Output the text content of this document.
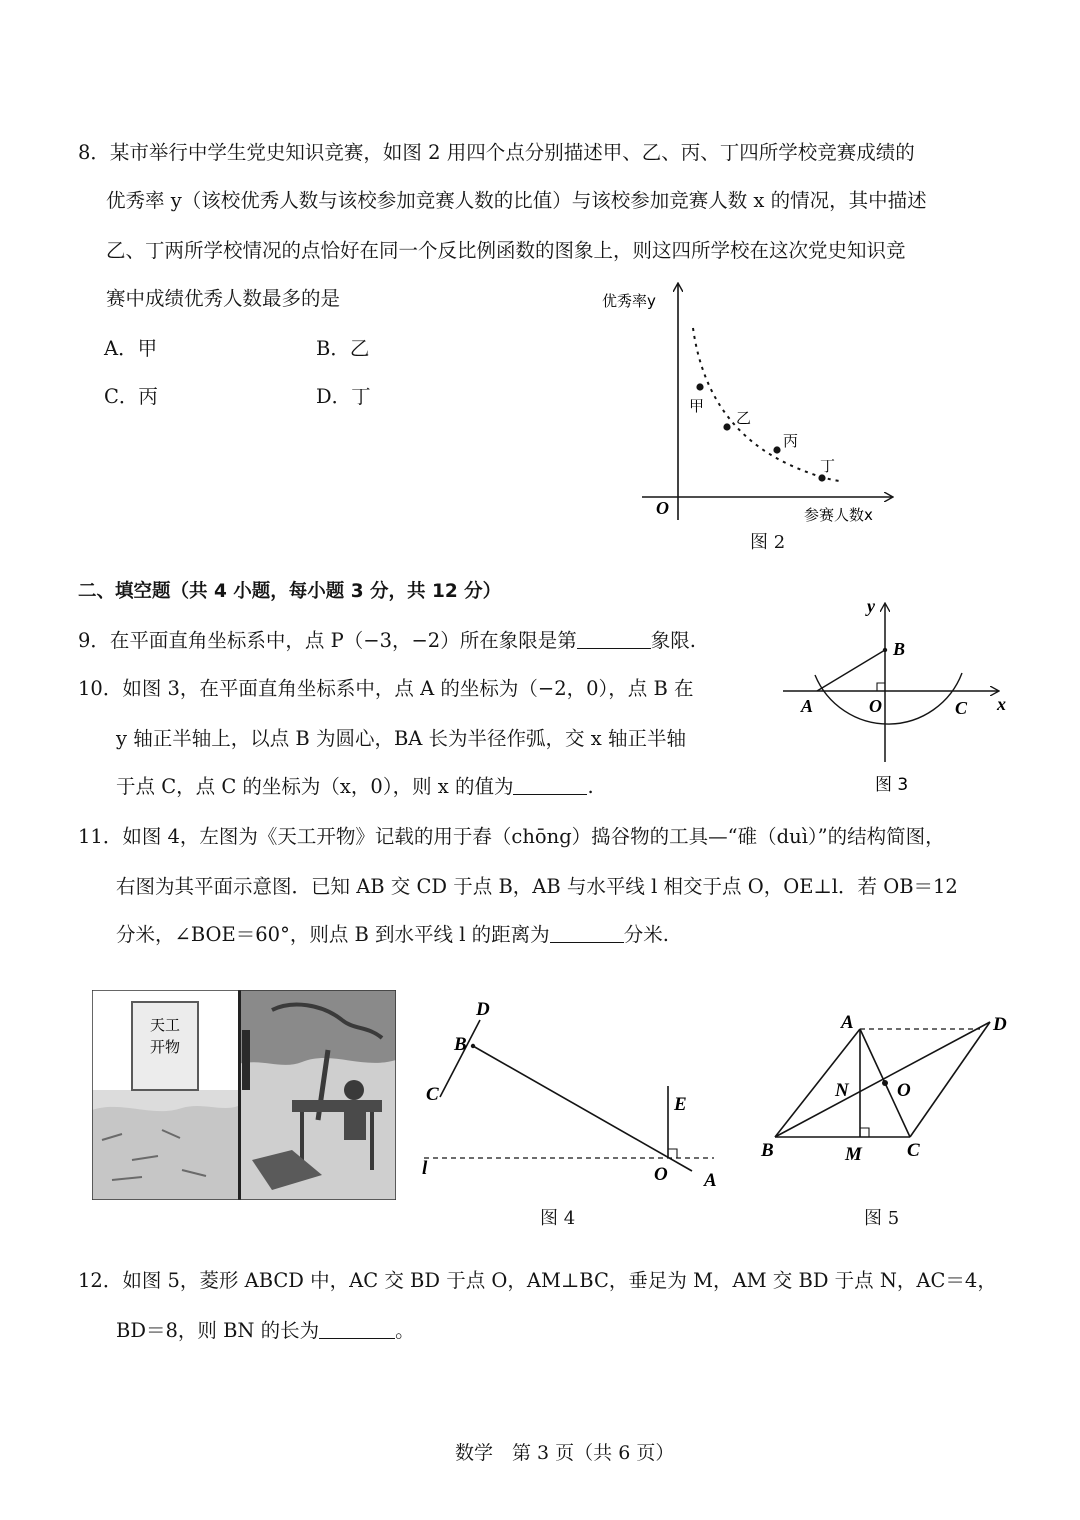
8．某市举行中学生党史知识竞赛，如图 2 用四个点分别描述甲、乙、丙、丁四所学校竞赛成绩的
优秀率 y（该校优秀人数与该校参加竞赛人数的比值）与该校参加竞赛人数 x 的情况，其中描述
乙、丁两所学校情况的点恰好在同一个反比例函数的图象上，则这四所学校在这次党史知识竞
赛中成绩优秀人数最多的是
A．甲	B．乙
C．丙	D．丁
优秀率y
参赛人数x
O
甲
乙
丙
丁
图 2
二、填空题（共 4 小题，每小题 3 分，共 12 分）
9．在平面直角坐标系中，点 P（−3，−2）所在象限是第	象限.
10．如图 3，在平面直角坐标系中，点 A 的坐标为（−2，0），点 B 在
y 轴正半轴上，以点 B 为圆心，BA 长为半径作弧，交 x 轴正半轴
于点 C，点 C 的坐标为（x，0），则 x 的值为	.
y
x
A	O
B
C
图 3
11．如图 4，左图为《天工开物》记载的用于舂（chōng）捣谷物的工具—“碓（duì）”的结构简图，
右图为其平面示意图．已知 AB 交 CD 于点 B，AB 与水平线 l 相交于点 O，OE⊥l．若 OB＝12
分米，∠BOE＝60°，则点 B 到水平线 l 的距离为	分米.
天工
开物
D
B
C	E
l	O A
图 4
A	D
N	O
B	M C
图 5
12．如图 5，菱形 ABCD 中，AC 交 BD 于点 O，AM⊥BC，垂足为 M，AM 交 BD 于点 N，AC＝4，
BD＝8，则 BN 的长为	。
数学　第 3 页（共 6 页）
